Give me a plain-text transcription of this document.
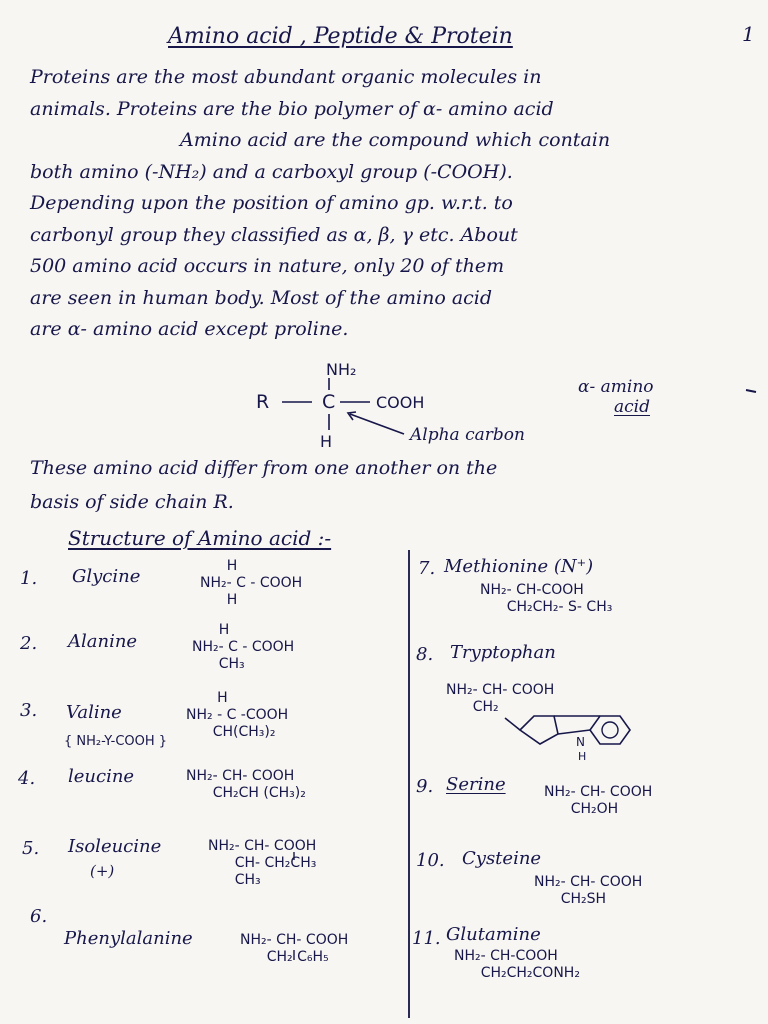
Amino acid , Peptide & Protein	1
Proteins are the most abundant organic molecules in
animals. Proteins are the bio polymer of α- amino acid
Amino acid are the compound which contain
both amino (-NH₂) and a carboxyl group (-COOH).
Depending upon the position of amino gp. w.r.t. to
carbonyl group they classified as α, β, γ etc. About
500 amino acid occurs in nature, only 20 of them
are seen in human body. Most of the amino acid
are α- amino acid except proline.
NH₂
R	C	COOH
H
α- amino
acid
Alpha carbon
These amino acid differ from one another on the
basis of side chain R.
Structure of Amino acid :-
1. Glycine	H
NH₂- C - COOH
H
2. Alanine
H
NH₂- C - COOH
CH₃
3. Valine
H
NH₂ - C -COOH
CH(CH₃)₂
{ NH₂-Y-COOH }
4. leucine	NH₂- CH- COOH
CH₂CH (CH₃)₂
5. Isoleucine
(+)
NH₂- CH- COOH
CH- CH₂CH₃
CH₃
6.
Phenylalanine	NH₂- CH- COOH
CH₂ C₆H₅
7. Methionine (N⁺)
NH₂- CH-COOH
CH₂CH₂- S- CH₃
8. Tryptophan
NH₂- CH- COOH
CH₂
9. Serine	NH₂- CH- COOH
CH₂OH
10. Cysteine
NH₂- CH- COOH
CH₂SH
11. Glutamine
NH₂- CH-COOH
CH₂CH₂CONH₂
N
H
